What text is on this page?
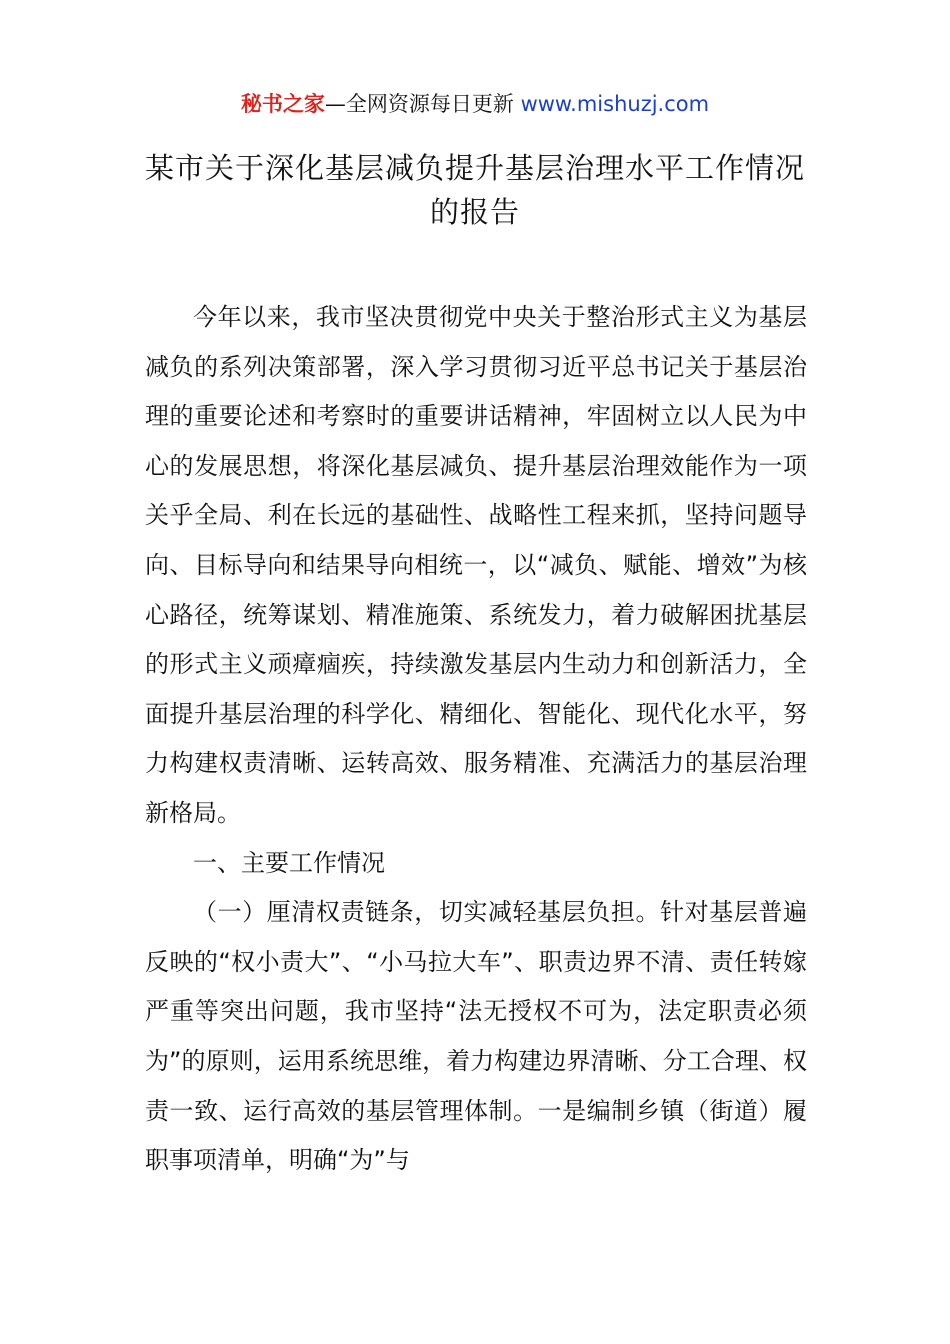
秘书之家—全网资源每日更新 www.mishuzj.com
某市关于深化基层减负提升基层治理水平工作情况的报告

今年以来，我市坚决贯彻党中央关于整治形式主义为基层减负的系列决策部署，深入学习贯彻习近平总书记关于基层治理的重要论述和考察时的重要讲话精神，牢固树立以人民为中心的发展思想，将深化基层减负、提升基层治理效能作为一项关乎全局、利在长远的基础性、战略性工程来抓，坚持问题导向、目标导向和结果导向相统一，以“减负、赋能、增效”为核心路径，统筹谋划、精准施策、系统发力，着力破解困扰基层的形式主义顽瘴痼疾，持续激发基层内生动力和创新活力，全面提升基层治理的科学化、精细化、智能化、现代化水平，努力构建权责清晰、运转高效、服务精准、充满活力的基层治理新格局。

一、主要工作情况

（一）厘清权责链条，切实减轻基层负担。针对基层普遍反映的“权小责大”、“小马拉大车”、职责边界不清、责任转嫁严重等突出问题，我市坚持“法无授权不可为，法定职责必须为”的原则，运用系统思维，着力构建边界清晰、分工合理、权责一致、运行高效的基层管理体制。一是编制乡镇（街道）履职事项清单，明确“为”与
